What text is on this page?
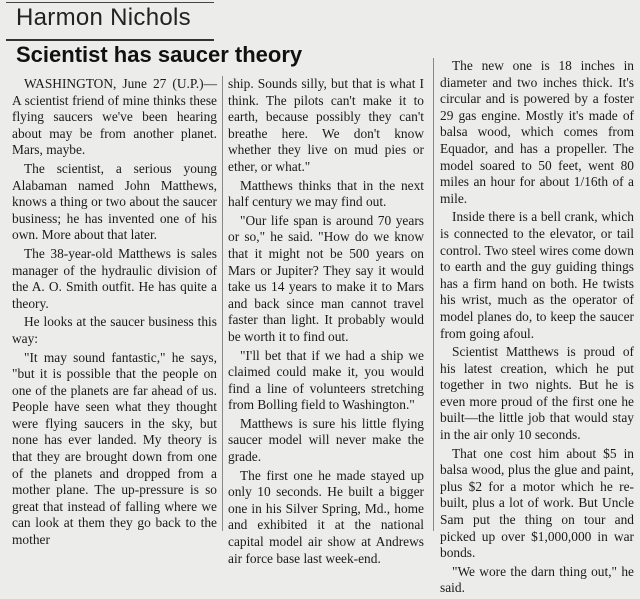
Harmon Nichols
Scientist has saucer theory

WASHINGTON, June 27 (U.P.)— A scientist friend of mine thinks these flying saucers we've been hearing about may be from another planet. Mars, maybe.

The scientist, a serious young Alabaman named John Matthews, knows a thing or two about the saucer business; he has invented one of his own. More about that later.

The 38-year-old Matthews is sales manager of the hydraulic division of the A. O. Smith outfit. He has quite a theory.

He looks at the saucer business this way:

"It may sound fantastic," he says, "but it is possible that the people on one of the planets are far ahead of us. People have seen what they thought were flying saucers in the sky, but none has ever landed. My theory is that they are brought down from one of the planets and dropped from a mother plane. The up-pressure is so great that instead of falling where we can look at them they go back to the mother

ship. Sounds silly, but that is what I think. The pilots can't make it to earth, because possibly they can't breathe here. We don't know whether they live on mud pies or ether, or what."

Matthews thinks that in the next half century we may find out.

"Our life span is around 70 years or so," he said. "How do we know that it might not be 500 years on Mars or Jupiter? They say it would take us 14 years to make it to Mars and back since man cannot travel faster than light. It probably would be worth it to find out.

"I'll bet that if we had a ship we claimed could make it, you would find a line of volunteers stretching from Bolling field to Washington."

Matthews is sure his little flying saucer model will never make the grade.

The first one he made stayed up only 10 seconds. He built a bigger one in his Silver Spring, Md., home and exhibited it at the national capital model air show at Andrews air force base last week-end.

The new one is 18 inches in diameter and two inches thick. It's circular and is powered by a foster 29 gas engine. Mostly it's made of balsa wood, which comes from Equador, and has a propeller. The model soared to 50 feet, went 80 miles an hour for about 1/16th of a mile.

Inside there is a bell crank, which is connected to the elevator, or tail control. Two steel wires come down to earth and the guy guiding things has a firm hand on both. He twists his wrist, much as the operator of model planes do, to keep the saucer from going afoul.

Scientist Matthews is proud of his latest creation, which he put together in two nights. But he is even more proud of the first one he built—the little job that would stay in the air only 10 seconds.

That one cost him about $5 in balsa wood, plus the glue and paint, plus $2 for a motor which he re-built, plus a lot of work. But Uncle Sam put the thing on tour and picked up over $1,000,000 in war bonds.

"We wore the darn thing out," he said.
